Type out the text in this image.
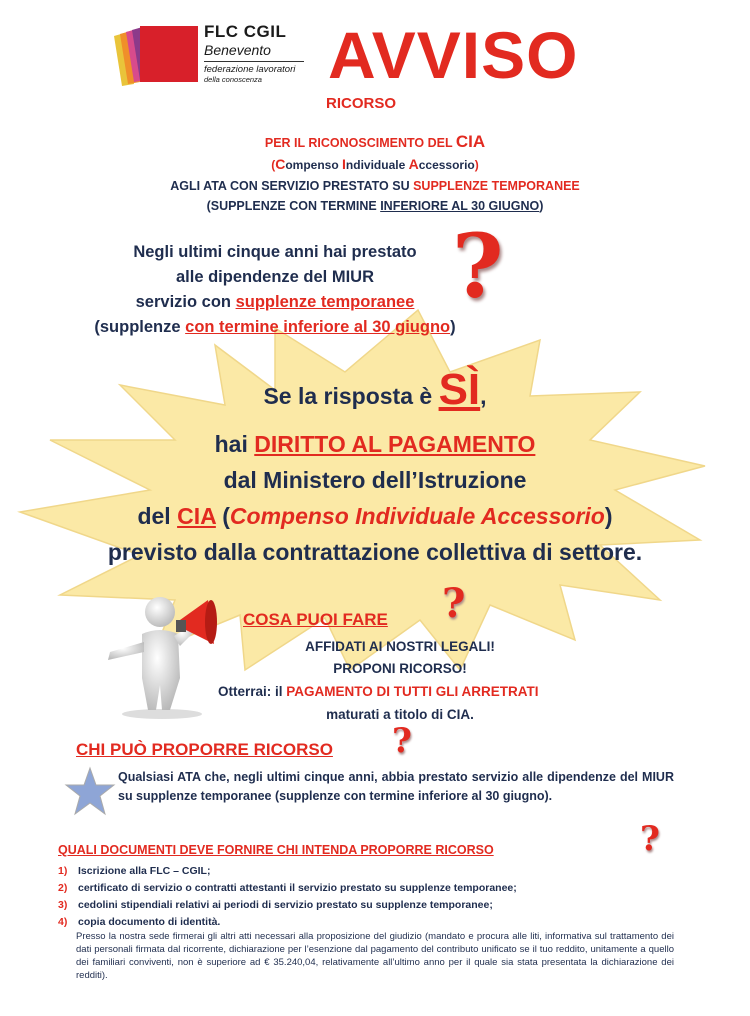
FLC CGIL
Benevento
federazione lavoratori
della conoscenza AVVISO
RICORSO
PER IL RICONOSCIMENTO DEL CIA
(Compenso Individuale Accessorio)
AGLI ATA CON SERVIZIO PRESTATO SU SUPPLENZE TEMPORANEE
(SUPPLENZE CON TERMINE INFERIORE AL 30 GIUGNO)
Negli ultimi cinque anni hai prestato
alle dipendenze del MIUR
servizio con supplenze temporanee
(supplenze con termine inferiore al 30 giugno)
?
Se la risposta è SÌ,
hai DIRITTO AL PAGAMENTO
dal Ministero dell’Istruzione
del CIA (Compenso Individuale Accessorio)
previsto dalla contrattazione collettiva di settore.
COSA PUOI FARE ?
AFFIDATI AI NOSTRI LEGALI!
PROPONI RICORSO!
Otterrai: il PAGAMENTO DI TUTTI GLI ARRETRATI
maturati a titolo di CIA.
CHI PUÒ PROPORRE RICORSO ?
Qualsiasi ATA che, negli ultimi cinque anni, abbia prestato servizio alle dipendenze del MIUR su supplenze temporanee (supplenze con termine inferiore al 30 giugno).
QUALI DOCUMENTI DEVE FORNIRE CHI INTENDA PROPORRE RICORSO	?
1) Iscrizione alla FLC – CGIL;
2) certificato di servizio o contratti attestanti il servizio prestato su supplenze temporanee;
3) cedolini stipendiali relativi ai periodi di servizio prestato su supplenze temporanee;
4) copia documento di identità.
Presso la nostra sede firmerai gli altri atti necessari alla proposizione del giudizio (mandato e procura alle liti, informativa sul trattamento dei dati personali firmata dal ricorrente, dichiarazione per l’esenzione dal pagamento del contributo unificato se il tuo reddito, unitamente a quello dei familiari conviventi, non è superiore ad € 35.240,04, relativamente all’ultimo anno per il quale sia stata presentata la dichiarazione dei redditi).
